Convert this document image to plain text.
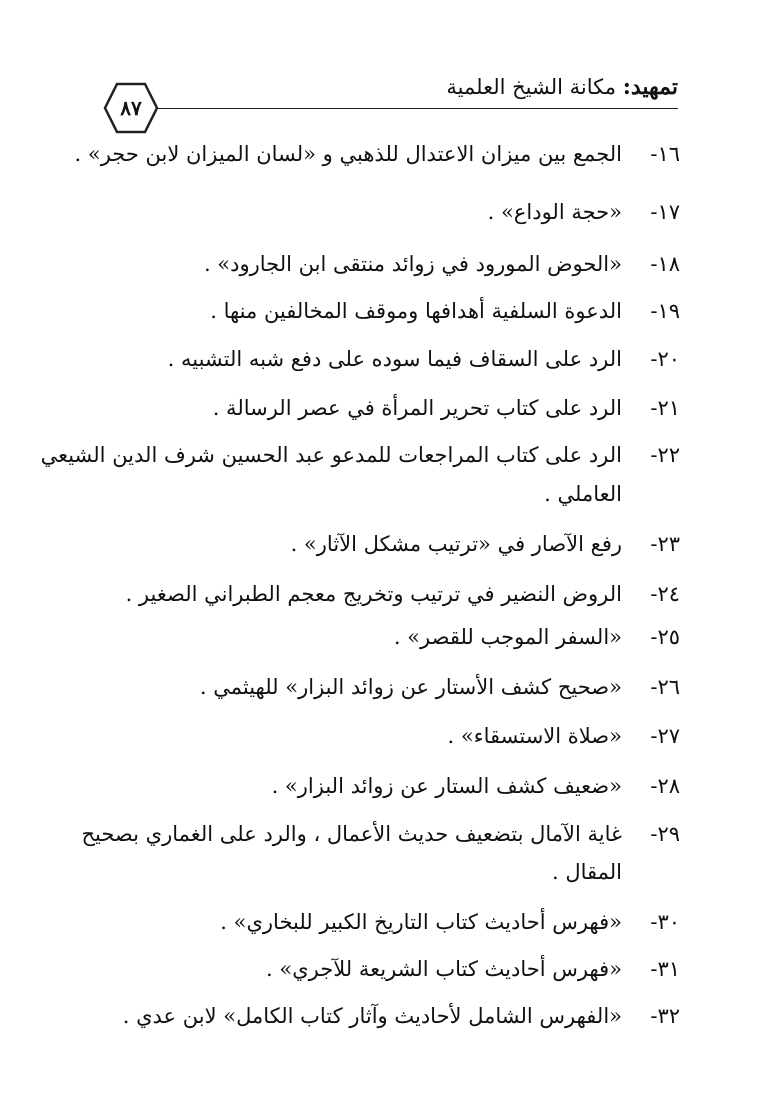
تمهيد: مكانة الشيخ العلمية
٨٧
١٦-الجمع بين ميزان الاعتدال للذهبي و «لسان الميزان لابن حجر» .
١٧-«حجة الوداع» .
١٨-«الحوض المورود في زوائد منتقى ابن الجارود» .
١٩-الدعوة السلفية أهدافها وموقف المخالفين منها .
٢٠-الرد على السقاف فيما سوده على دفع شبه التشبيه .
٢١-الرد على كتاب تحرير المرأة في عصر الرسالة .
٢٢-الرد على كتاب المراجعات للمدعو عبد الحسين شرف الدين الشيعي
العاملي .
٢٣-رفع الآصار في «ترتيب مشكل الآثار» .
٢٤-الروض النضير في ترتيب وتخريج معجم الطبراني الصغير .
٢٥-«السفر الموجب للقصر» .
٢٦-«صحيح كشف الأستار عن زوائد البزار» للهيثمي .
٢٧-«صلاة الاستسقاء» .
٢٨-«ضعيف كشف الستار عن زوائد البزار» .
٢٩-غاية الآمال بتضعيف حديث الأعمال ، والرد على الغماري بصحيح
المقال .
٣٠-«فهرس أحاديث كتاب التاريخ الكبير للبخاري» .
٣١-«فهرس أحاديث كتاب الشريعة للآجري» .
٣٢-«الفهرس الشامل لأحاديث وآثار كتاب الكامل» لابن عدي .
